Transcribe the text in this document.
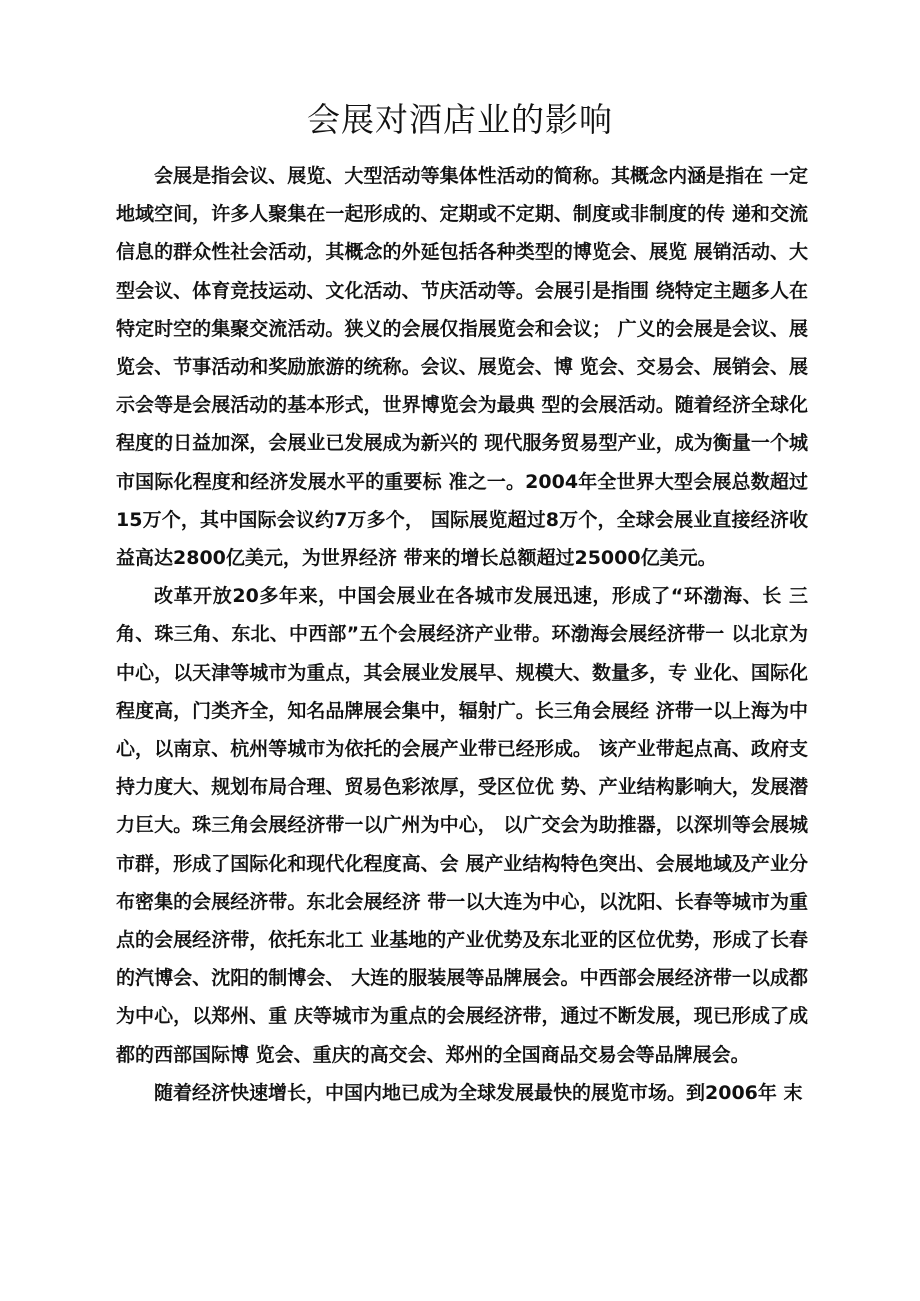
会展对酒店业的影响

会展是指会议、展览、大型活动等集体性活动的简称。其概念内涵是指在 一定地域空间，许多人聚集在一起形成的、定期或不定期、制度或非制度的传 递和交流信息的群众性社会活动，其概念的外延包括各种类型的博览会、展览 展销活动、大型会议、体育竞技运动、文化活动、节庆活动等。会展引是指围 绕特定主题多人在特定时空的集聚交流活动。狭义的会展仅指展览会和会议； 广义的会展是会议、展览会、节事活动和奖励旅游的统称。会议、展览会、博 览会、交易会、展销会、展示会等是会展活动的基本形式，世界博览会为最典 型的会展活动。随着经济全球化程度的日益加深，会展业已发展成为新兴的 现代服务贸易型产业，成为衡量一个城市国际化程度和经济发展水平的重要标 准之一。2004年全世界大型会展总数超过15万个，其中国际会议约7万多个， 国际展览超过8万个，全球会展业直接经济收益高达2800亿美元，为世界经济 带来的增长总额超过25000亿美元。

改革开放20多年来，中国会展业在各城市发展迅速，形成了“环渤海、长 三角、珠三角、东北、中西部”五个会展经济产业带。环渤海会展经济带一 以北京为中心，以天津等城市为重点，其会展业发展早、规模大、数量多，专 业化、国际化程度高，门类齐全，知名品牌展会集中，辐射广。长三角会展经 济带一以上海为中心，以南京、杭州等城市为依托的会展产业带已经形成。 该产业带起点高、政府支持力度大、规划布局合理、贸易色彩浓厚，受区位优 势、产业结构影响大，发展潜力巨大。珠三角会展经济带一以广州为中心， 以广交会为助推器，以深圳等会展城市群，形成了国际化和现代化程度高、会 展产业结构特色突出、会展地域及产业分布密集的会展经济带。东北会展经济 带一以大连为中心，以沈阳、长春等城市为重点的会展经济带，依托东北工 业基地的产业优势及东北亚的区位优势，形成了长春的汽博会、沈阳的制博会、 大连的服装展等品牌展会。中西部会展经济带一以成都为中心，以郑州、重 庆等城市为重点的会展经济带，通过不断发展，现已形成了成都的西部国际博 览会、重庆的高交会、郑州的全国商品交易会等品牌展会。

随着经济快速增长，中国内地已成为全球发展最快的展览市场。到2006年 末
